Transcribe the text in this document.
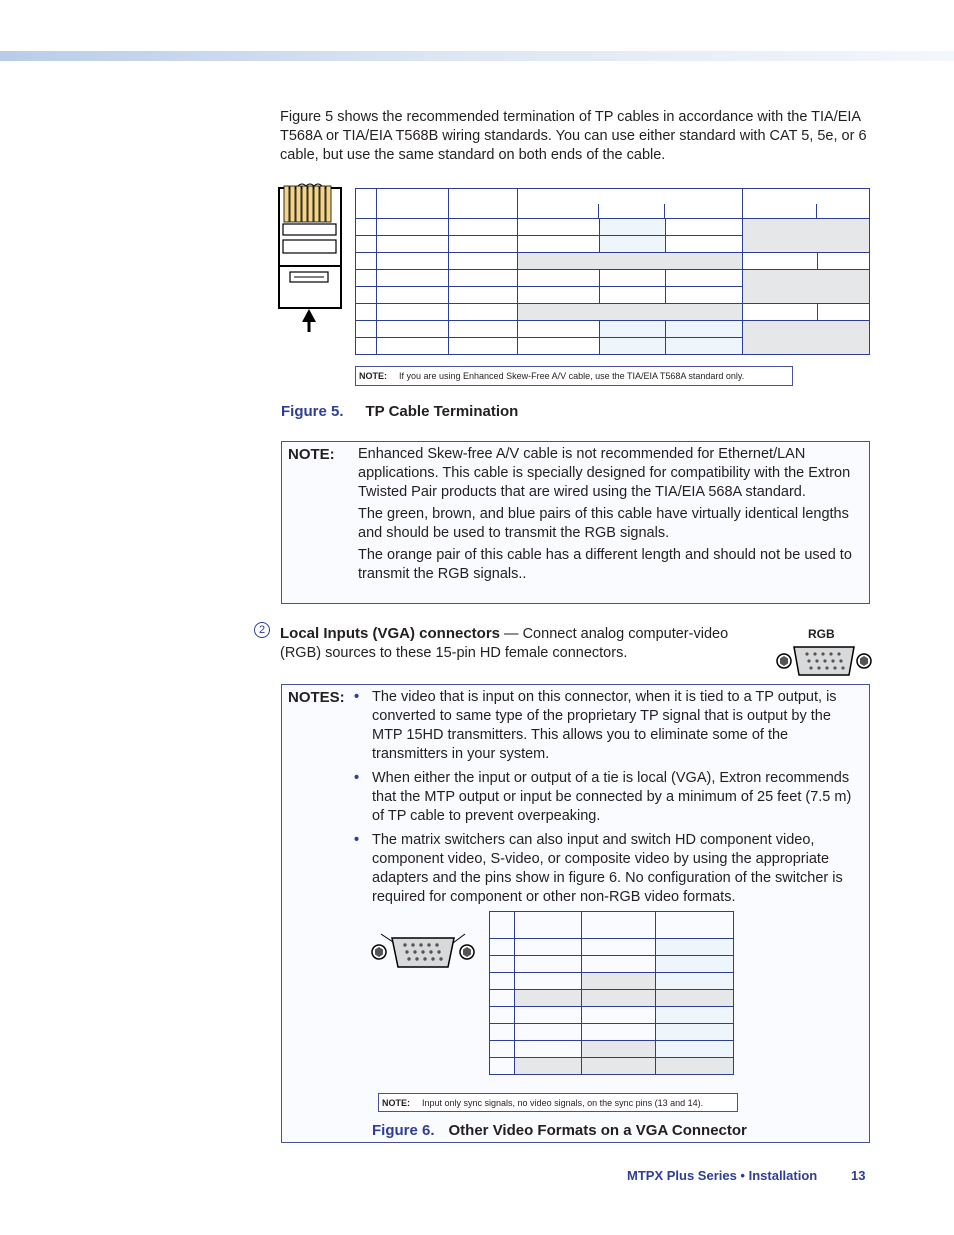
Figure 5 shows the recommended termination of TP cables in accordance with the TIA/EIA T568A or TIA/EIA T568B wiring standards. You can use either standard with CAT 5, 5e, or 6 cable, but use the same standard on both ends of the cable.

NOTE: If you are using Enhanced Skew-Free A/V cable, use the TIA/EIA T568A standard only.
Figure 5. TP Cable Termination
NOTE: Enhanced Skew-free A/V cable is not recommended for Ethernet/LAN applications. This cable is specially designed for compatibility with the Extron Twisted Pair products that are wired using the TIA/EIA 568A standard.
The green, brown, and blue pairs of this cable have virtually identical lengths and should be used to transmit the RGB signals.
The orange pair of this cable has a different length and should not be used to transmit the RGB signals..
2 Local Inputs (VGA) connectors — Connect analog computer-video (RGB) sources to these 15-pin HD female connectors.
RGB
NOTES: • The video that is input on this connector, when it is tied to a TP output, is converted to same type of the proprietary TP signal that is output by the MTP 15HD transmitters. This allows you to eliminate some of the transmitters in your system.
• When either the input or output of a tie is local (VGA), Extron recommends that the MTP output or input be connected by a minimum of 25 feet (7.5 m) of TP cable to prevent overpeaking.
• The matrix switchers can also input and switch HD component video, component video, S-video, or composite video by using the appropriate adapters and the pins show in figure 6. No configuration of the switcher is required for component or other non-RGB video formats.

NOTE: Input only sync signals, no video signals, on the sync pins (13 and 14).
Figure 6. Other Video Formats on a VGA Connector
MTPX Plus Series • Installation	13
